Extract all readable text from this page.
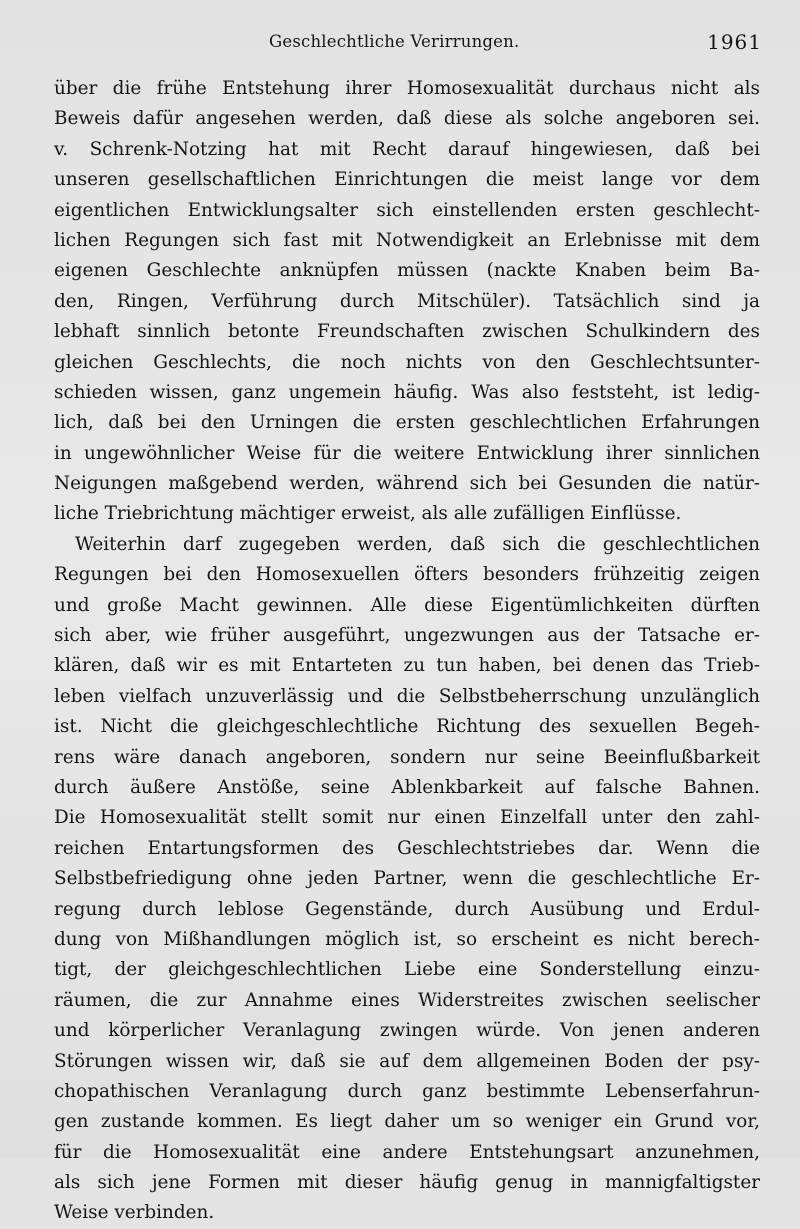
Geschlechtliche Verirrungen.	1961
über die frühe Entstehung ihrer Homosexualität durchaus nicht als
Beweis dafür angesehen werden, daß diese als solche angeboren sei.
v. Schrenk-Notzing hat mit Recht darauf hingewiesen, daß bei
unseren gesellschaftlichen Einrichtungen die meist lange vor dem
eigentlichen Entwicklungsalter sich einstellenden ersten geschlecht-
lichen Regungen sich fast mit Notwendigkeit an Erlebnisse mit dem
eigenen Geschlechte anknüpfen müssen (nackte Knaben beim Ba-
den, Ringen, Verführung durch Mitschüler). Tatsächlich sind ja
lebhaft sinnlich betonte Freundschaften zwischen Schulkindern des
gleichen Geschlechts, die noch nichts von den Geschlechtsunter-
schieden wissen, ganz ungemein häufig. Was also feststeht, ist ledig-
lich, daß bei den Urningen die ersten geschlechtlichen Erfahrungen
in ungewöhnlicher Weise für die weitere Entwicklung ihrer sinnlichen
Neigungen maßgebend werden, während sich bei Gesunden die natür-
liche Triebrichtung mächtiger erweist, als alle zufälligen Einflüsse.
Weiterhin darf zugegeben werden, daß sich die geschlechtlichen
Regungen bei den Homosexuellen öfters besonders frühzeitig zeigen
und große Macht gewinnen. Alle diese Eigentümlichkeiten dürften
sich aber, wie früher ausgeführt, ungezwungen aus der Tatsache er-
klären, daß wir es mit Entarteten zu tun haben, bei denen das Trieb-
leben vielfach unzuverlässig und die Selbstbeherrschung unzulänglich
ist. Nicht die gleichgeschlechtliche Richtung des sexuellen Begeh-
rens wäre danach angeboren, sondern nur seine Beeinflußbarkeit
durch äußere Anstöße, seine Ablenkbarkeit auf falsche Bahnen.
Die Homosexualität stellt somit nur einen Einzelfall unter den zahl-
reichen Entartungsformen des Geschlechtstriebes dar. Wenn die
Selbstbefriedigung ohne jeden Partner, wenn die geschlechtliche Er-
regung durch leblose Gegenstände, durch Ausübung und Erdul-
dung von Mißhandlungen möglich ist, so erscheint es nicht berech-
tigt, der gleichgeschlechtlichen Liebe eine Sonderstellung einzu-
räumen, die zur Annahme eines Widerstreites zwischen seelischer
und körperlicher Veranlagung zwingen würde. Von jenen anderen
Störungen wissen wir, daß sie auf dem allgemeinen Boden der psy-
chopathischen Veranlagung durch ganz bestimmte Lebenserfahrun-
gen zustande kommen. Es liegt daher um so weniger ein Grund vor,
für die Homosexualität eine andere Entstehungsart anzunehmen,
als sich jene Formen mit dieser häufig genug in mannigfaltigster
Weise verbinden.
